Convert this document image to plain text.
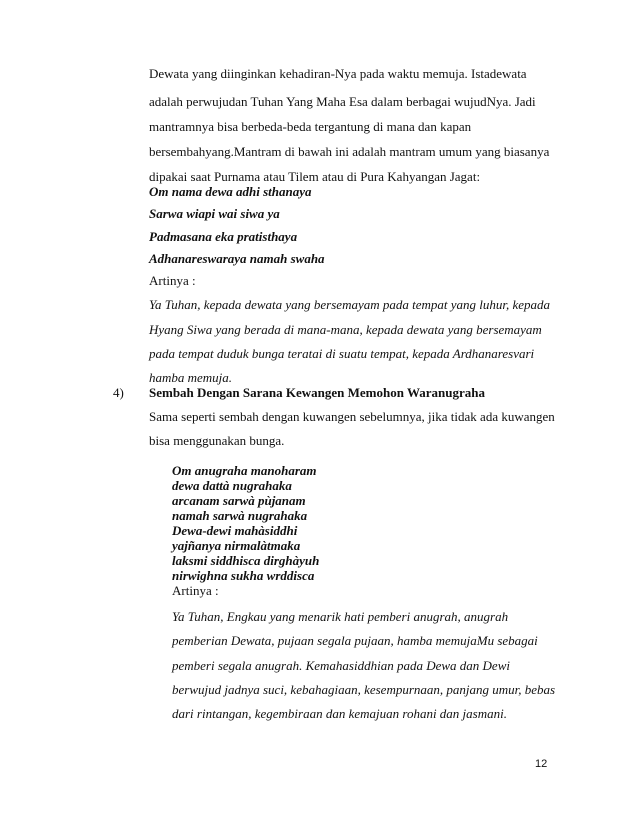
Dewata yang diinginkan kehadiran-Nya pada waktu memuja. Istadewata
adalah perwujudan Tuhan Yang Maha Esa dalam berbagai wujudNya. Jadi
mantramnya bisa berbeda-beda tergantung di mana dan kapan
bersembahyang.Mantram di bawah ini adalah mantram umum yang biasanya
dipakai saat Purnama atau Tilem atau di Pura Kahyangan Jagat:
Om nama dewa adhi sthanaya
Sarwa wiapi wai siwa ya
Padmasana eka pratisthaya
Adhanareswaraya namah swaha
Artinya :
Ya Tuhan, kepada dewata yang bersemayam pada tempat yang luhur, kepada
Hyang Siwa yang berada di mana-mana, kepada dewata yang bersemayam
pada tempat duduk bunga teratai di suatu tempat, kepada Ardhanaresvari
hamba memuja.
4) Sembah Dengan Sarana Kewangen Memohon Waranugraha
Sama seperti sembah dengan kuwangen sebelumnya, jika tidak ada kuwangen
bisa menggunakan bunga.
Om anugraha manoharam
dewa dattà nugrahaka
arcanam sarwà pùjanam
namah sarwà nugrahaka
Dewa-dewi mahàsiddhi
yajñanya nirmalàtmaka
laksmi siddhisca dirghàyuh
nirwighna sukha wrddisca
Artinya :
Ya Tuhan, Engkau yang menarik hati pemberi anugrah, anugrah
pemberian Dewata, pujaan segala pujaan, hamba memujaMu sebagai
pemberi segala anugrah. Kemahasiddhian pada Dewa dan Dewi
berwujud jadnya suci, kebahagiaan, kesempurnaan, panjang umur, bebas
dari rintangan, kegembiraan dan kemajuan rohani dan jasmani.
12
